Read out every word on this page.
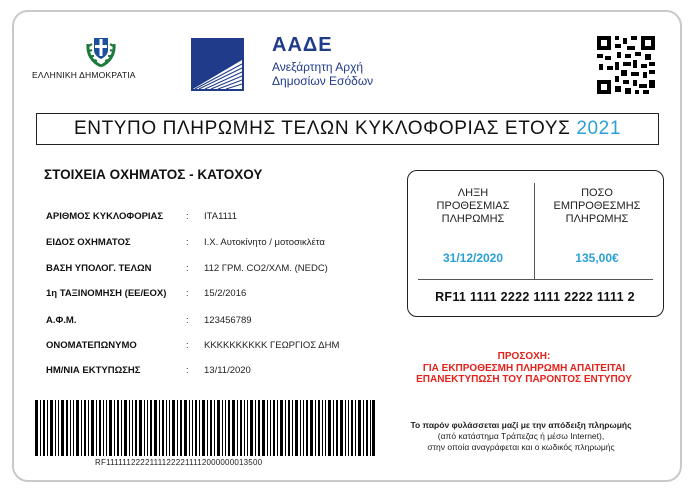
ΕΛΛΗΝΙΚΗ ΔΗΜΟΚΡΑΤΙΑ
ΑΑΔΕ
Ανεξάρτητη Αρχή
Δημοσίων Εσόδων
ΕΝΤΥΠΟ ΠΛΗΡΩΜΗΣ ΤΕΛΩΝ ΚΥΚΛΟΦΟΡΙΑΣ ΕΤΟΥΣ 2021
ΣΤΟΙΧΕΙΑ ΟΧΗΜΑΤΟΣ - ΚΑΤΟΧΟΥ
ΑΡΙΘΜΟΣ ΚΥΚΛΟΦΟΡΙΑΣ : ΙΤΑ1111
ΕΙΔΟΣ ΟΧΗΜΑΤΟΣ	: Ι.Χ. Αυτοκίνητο / μοτοσικλέτα
ΒΑΣΗ ΥΠΟΛΟΓ. ΤΕΛΩΝ	: 112 ΓΡΜ. CO2/ΧΛΜ. (NEDC)
1η ΤΑΞΙΝΟΜΗΣΗ (ΕΕ/ΕΟΧ) : 15/2/2016
Α.Φ.Μ.	: 123456789
ΟΝΟΜΑΤΕΠΩΝΥΜΟ	: ΚΚΚΚΚΚΚΚΚΚ ΓΕΩΡΓΙΟΣ ΔΗΜ
ΗΜ/ΝΙΑ ΕΚΤΥΠΩΣΗΣ	: 13/11/2020
ΛΗΞΗ
ΠΡΟΘΕΣΜΙΑΣ
ΠΛΗΡΩΜΗΣ
31/12/2020
ΠΟΣΟ
ΕΜΠΡΟΘΕΣΜΗΣ
ΠΛΗΡΩΜΗΣ
135,00€
RF11 1111 2222 1111 2222 1111 2
ΠΡΟΣΟΧΗ:
ΓΙΑ ΕΚΠΡΟΘΕΣΜΗ ΠΛΗΡΩΜΗ ΑΠΑΙΤΕΙΤΑΙ
ΕΠΑΝΕΚΤΥΠΩΣΗ ΤΟΥ ΠΑΡΟΝΤΟΣ ΕΝΤΥΠΟΥ
RF11111122221111222211112000000013500
Το παρόν φυλάσσεται μαζί με την απόδειξη πληρωμής
(από κατάστημα Τράπεζας ή μέσω Internet),
στην οποία αναγράφεται και ο κωδικός πληρωμής
